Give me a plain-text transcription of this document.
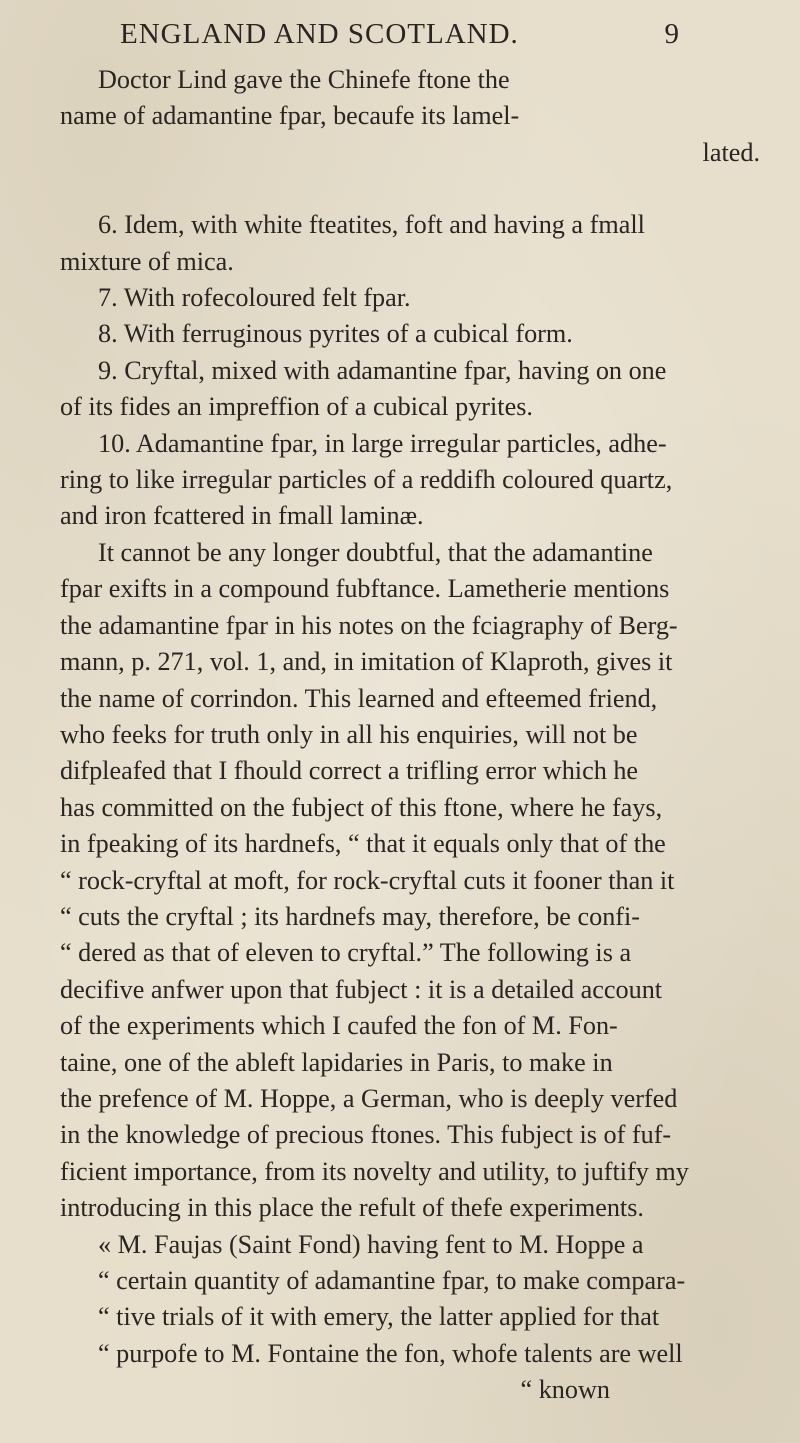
ENGLAND AND SCOTLAND.	9

Doctor Lind gave the Chinefe ftone the

name of adamantine fpar, becaufe its lamel-

lated.

6. Idem, with white fteatites, foft and having a fmall

mixture of mica.

7. With rofecoloured felt fpar.

8. With ferruginous pyrites of a cubical form.

9. Cryftal, mixed with adamantine fpar, having on one

of its fides an impreffion of a cubical pyrites.

10. Adamantine fpar, in large irregular particles, adhe-

ring to like irregular particles of a reddifh coloured quartz,

and iron fcattered in fmall laminæ.

It cannot be any longer doubtful, that the adamantine

fpar exifts in a compound fubftance. Lametherie mentions

the adamantine fpar in his notes on the fciagraphy of Berg-

mann, p. 271, vol. 1, and, in imitation of Klaproth, gives it

the name of corrindon. This learned and efteemed friend,

who feeks for truth only in all his enquiries, will not be

difpleafed that I fhould correct a trifling error which he

has committed on the fubject of this ftone, where he fays,

in fpeaking of its hardnefs, “ that it equals only that of the

“ rock-cryftal at moft, for rock-cryftal cuts it fooner than it

“ cuts the cryftal ; its hardnefs may, therefore, be confi-

“ dered as that of eleven to cryftal.” The following is a

decifive anfwer upon that fubject : it is a detailed account

of the experiments which I caufed the fon of M. Fon-

taine, one of the ableft lapidaries in Paris, to make in

the prefence of M. Hoppe, a German, who is deeply verfed

in the knowledge of precious ftones. This fubject is of fuf-

ficient importance, from its novelty and utility, to juftify my

introducing in this place the refult of thefe experiments.

« M. Faujas (Saint Fond) having fent to M. Hoppe a

“ certain quantity of adamantine fpar, to make compara-

“ tive trials of it with emery, the latter applied for that

“ purpofe to M. Fontaine the fon, whofe talents are well

“ known
